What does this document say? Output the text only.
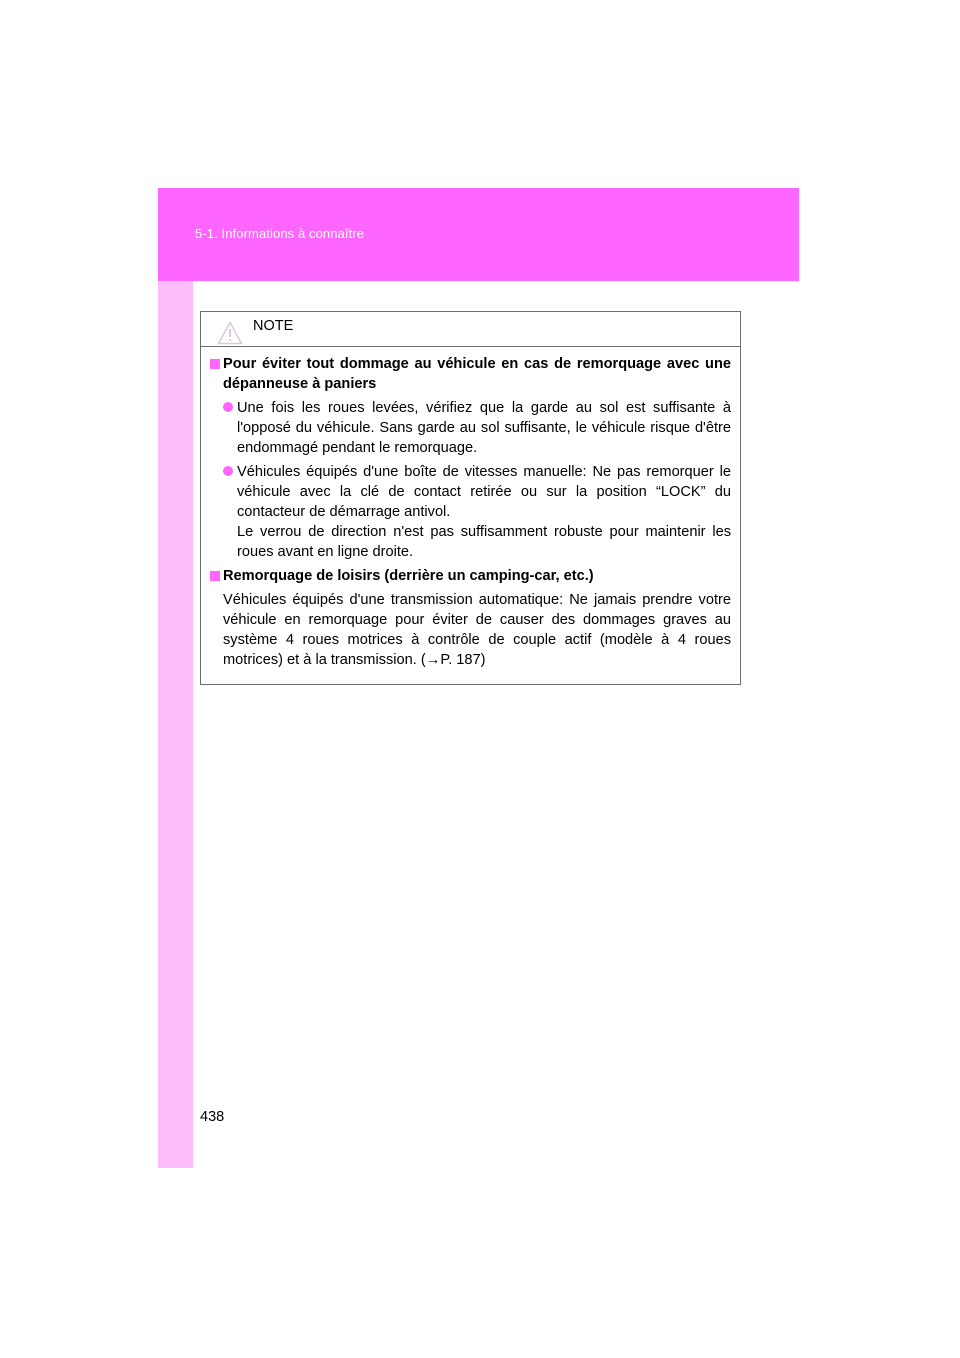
5-1. Informations à connaître
NOTE
Pour éviter tout dommage au véhicule en cas de remorquage avec une dépanneuse à paniers

Une fois les roues levées, vérifiez que la garde au sol est suffisante à l'opposé du véhicule. Sans garde au sol suffisante, le véhicule risque d'être endommagé pendant le remorquage.

Véhicules équipés d'une boîte de vitesses manuelle: Ne pas remorquer le véhicule avec la clé de contact retirée ou sur la position “LOCK” du contacteur de démarrage antivol.

Le verrou de direction n'est pas suffisamment robuste pour maintenir les roues avant en ligne droite.

Remorquage de loisirs (derrière un camping-car, etc.)

Véhicules équipés d'une transmission automatique: Ne jamais prendre votre véhicule en remorquage pour éviter de causer des dommages graves au système 4 roues motrices à contrôle de couple actif (modèle à 4 roues motrices) et à la transmission. (→P. 187)

438
